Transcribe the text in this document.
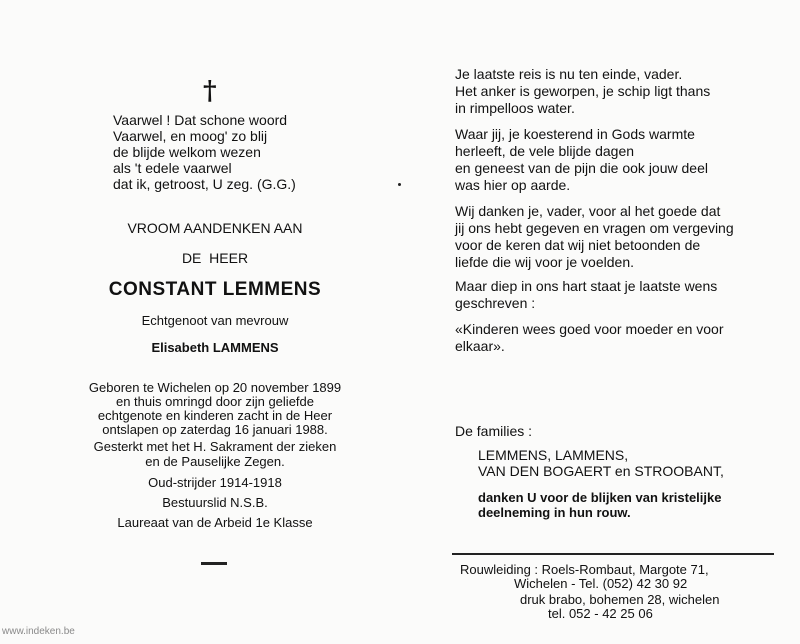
†
Vaarwel ! Dat schone woord
Vaarwel, en moog' zo blij
de blijde welkom wezen
als 't edele vaarwel
dat ik, getroost, U zeg. (G.G.)
VROOM AANDENKEN AAN
DE  HEER
CONSTANT LEMMENS
Echtgenoot van mevrouw
Elisabeth LAMMENS
Geboren te Wichelen op 20 november 1899
en thuis omringd door zijn geliefde
echtgenote en kinderen zacht in de Heer
ontslapen op zaterdag 16 januari 1988.
Gesterkt met het H. Sakrament der zieken
en de Pauselijke Zegen.
Oud-strijder 1914-1918
Bestuurslid N.S.B.
Laureaat van de Arbeid 1e Klasse
Je laatste reis is nu ten einde, vader.
Het anker is geworpen, je schip ligt thans
in rimpelloos water.
Waar jij, je koesterend in Gods warmte
herleeft, de vele blijde dagen
en geneest van de pijn die ook jouw deel
was hier op aarde.
Wij danken je, vader, voor al het goede dat
jij ons hebt gegeven en vragen om vergeving
voor de keren dat wij niet betoonden de
liefde die wij voor je voelden.
Maar diep in ons hart staat je laatste wens
geschreven :
«Kinderen wees goed voor moeder en voor
elkaar».
De families :
LEMMENS, LAMMENS,
VAN DEN BOGAERT en STROOBANT,
danken U voor de blijken van kristelijke
deelneming in hun rouw.
Rouwleiding : Roels-Rombaut, Margote 71,
Wichelen - Tel. (052) 42 30 92
druk brabo, bohemen 28, wichelen
tel. 052 - 42 25 06
www.indeken.be
